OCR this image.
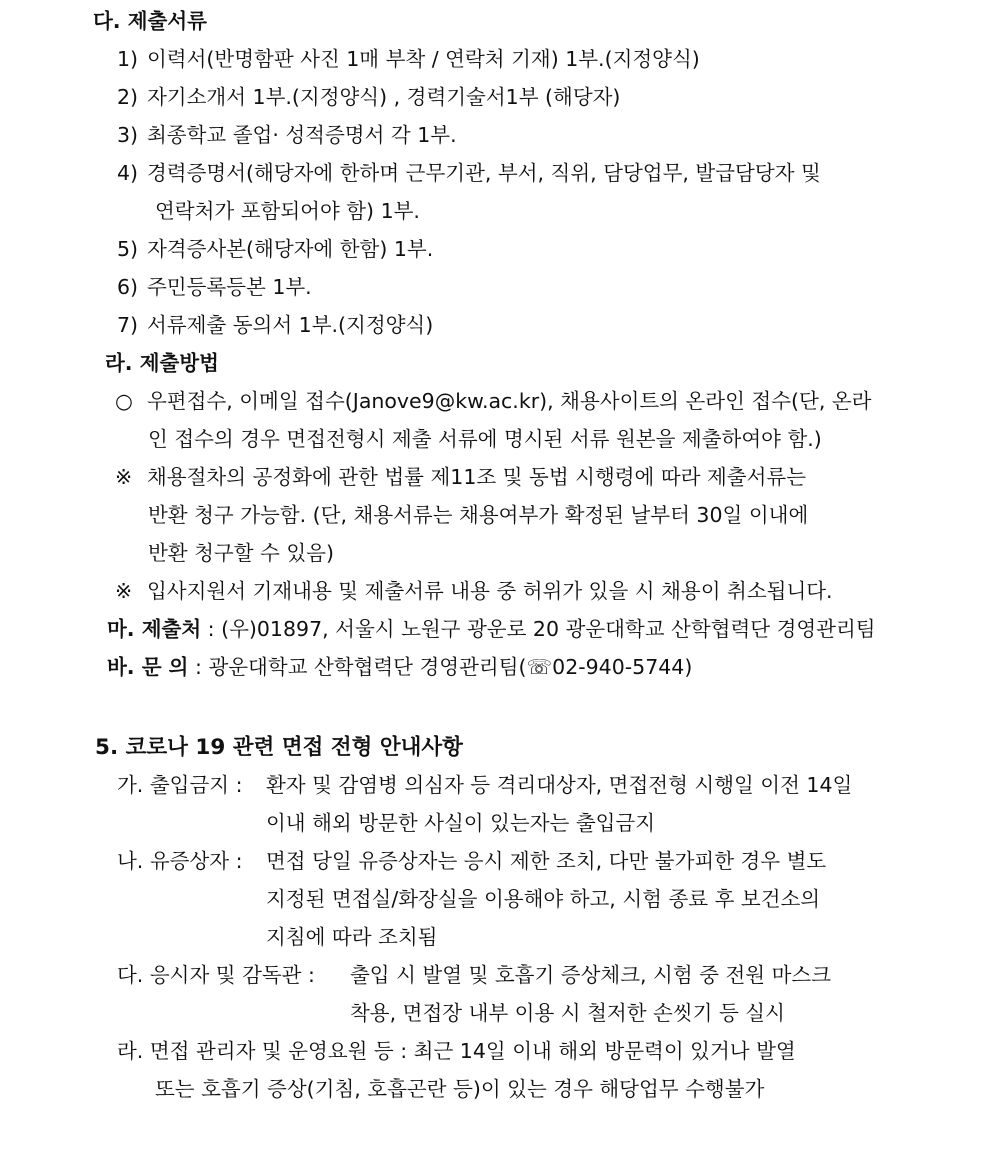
다. 제출서류
1) 이력서(반명함판 사진 1매 부착 / 연락처 기재) 1부.(지정양식)
2) 자기소개서 1부.(지정양식) , 경력기술서1부 (해당자)
3) 최종학교 졸업· 성적증명서 각 1부.
4) 경력증명서(해당자에 한하며 근무기관, 부서, 직위, 담당업무, 발급담당자 및
연락처가 포함되어야 함) 1부.
5) 자격증사본(해당자에 한함) 1부.
6) 주민등록등본 1부.
7) 서류제출 동의서 1부.(지정양식)
라. 제출방법
○ 우편접수, 이메일 접수(Janove9@kw.ac.kr), 채용사이트의 온라인 접수(단, 온라
인 접수의 경우 면접전형시 제출 서류에 명시된 서류 원본을 제출하여야 함.)
※ 채용절차의 공정화에 관한 법률 제11조 및 동법 시행령에 따라 제출서류는
반환 청구 가능함. (단, 채용서류는 채용여부가 확정된 날부터 30일 이내에
반환 청구할 수 있음)
※ 입사지원서 기재내용 및 제출서류 내용 중 허위가 있을 시 채용이 취소됩니다.
마. 제출처 : (우)01897, 서울시 노원구 광운로 20 광운대학교 산학협력단 경영관리팀
바. 문 의 : 광운대학교 산학협력단 경영관리팀(☏02-940-5744)
5. 코로나 19 관련 면접 전형 안내사항
가. 출입금지 : 환자 및 감염병 의심자 등 격리대상자, 면접전형 시행일 이전 14일
이내 해외 방문한 사실이 있는자는 출입금지
나. 유증상자 : 면접 당일 유증상자는 응시 제한 조치, 다만 불가피한 경우 별도
지정된 면접실/화장실을 이용해야 하고, 시험 종료 후 보건소의
지침에 따라 조치됨
다. 응시자 및 감독관 : 출입 시 발열 및 호흡기 증상체크, 시험 중 전원 마스크
착용, 면접장 내부 이용 시 철저한 손씻기 등 실시
라. 면접 관리자 및 운영요원 등 : 최근 14일 이내 해외 방문력이 있거나 발열
또는 호흡기 증상(기침, 호흡곤란 등)이 있는 경우 해당업무 수행불가
